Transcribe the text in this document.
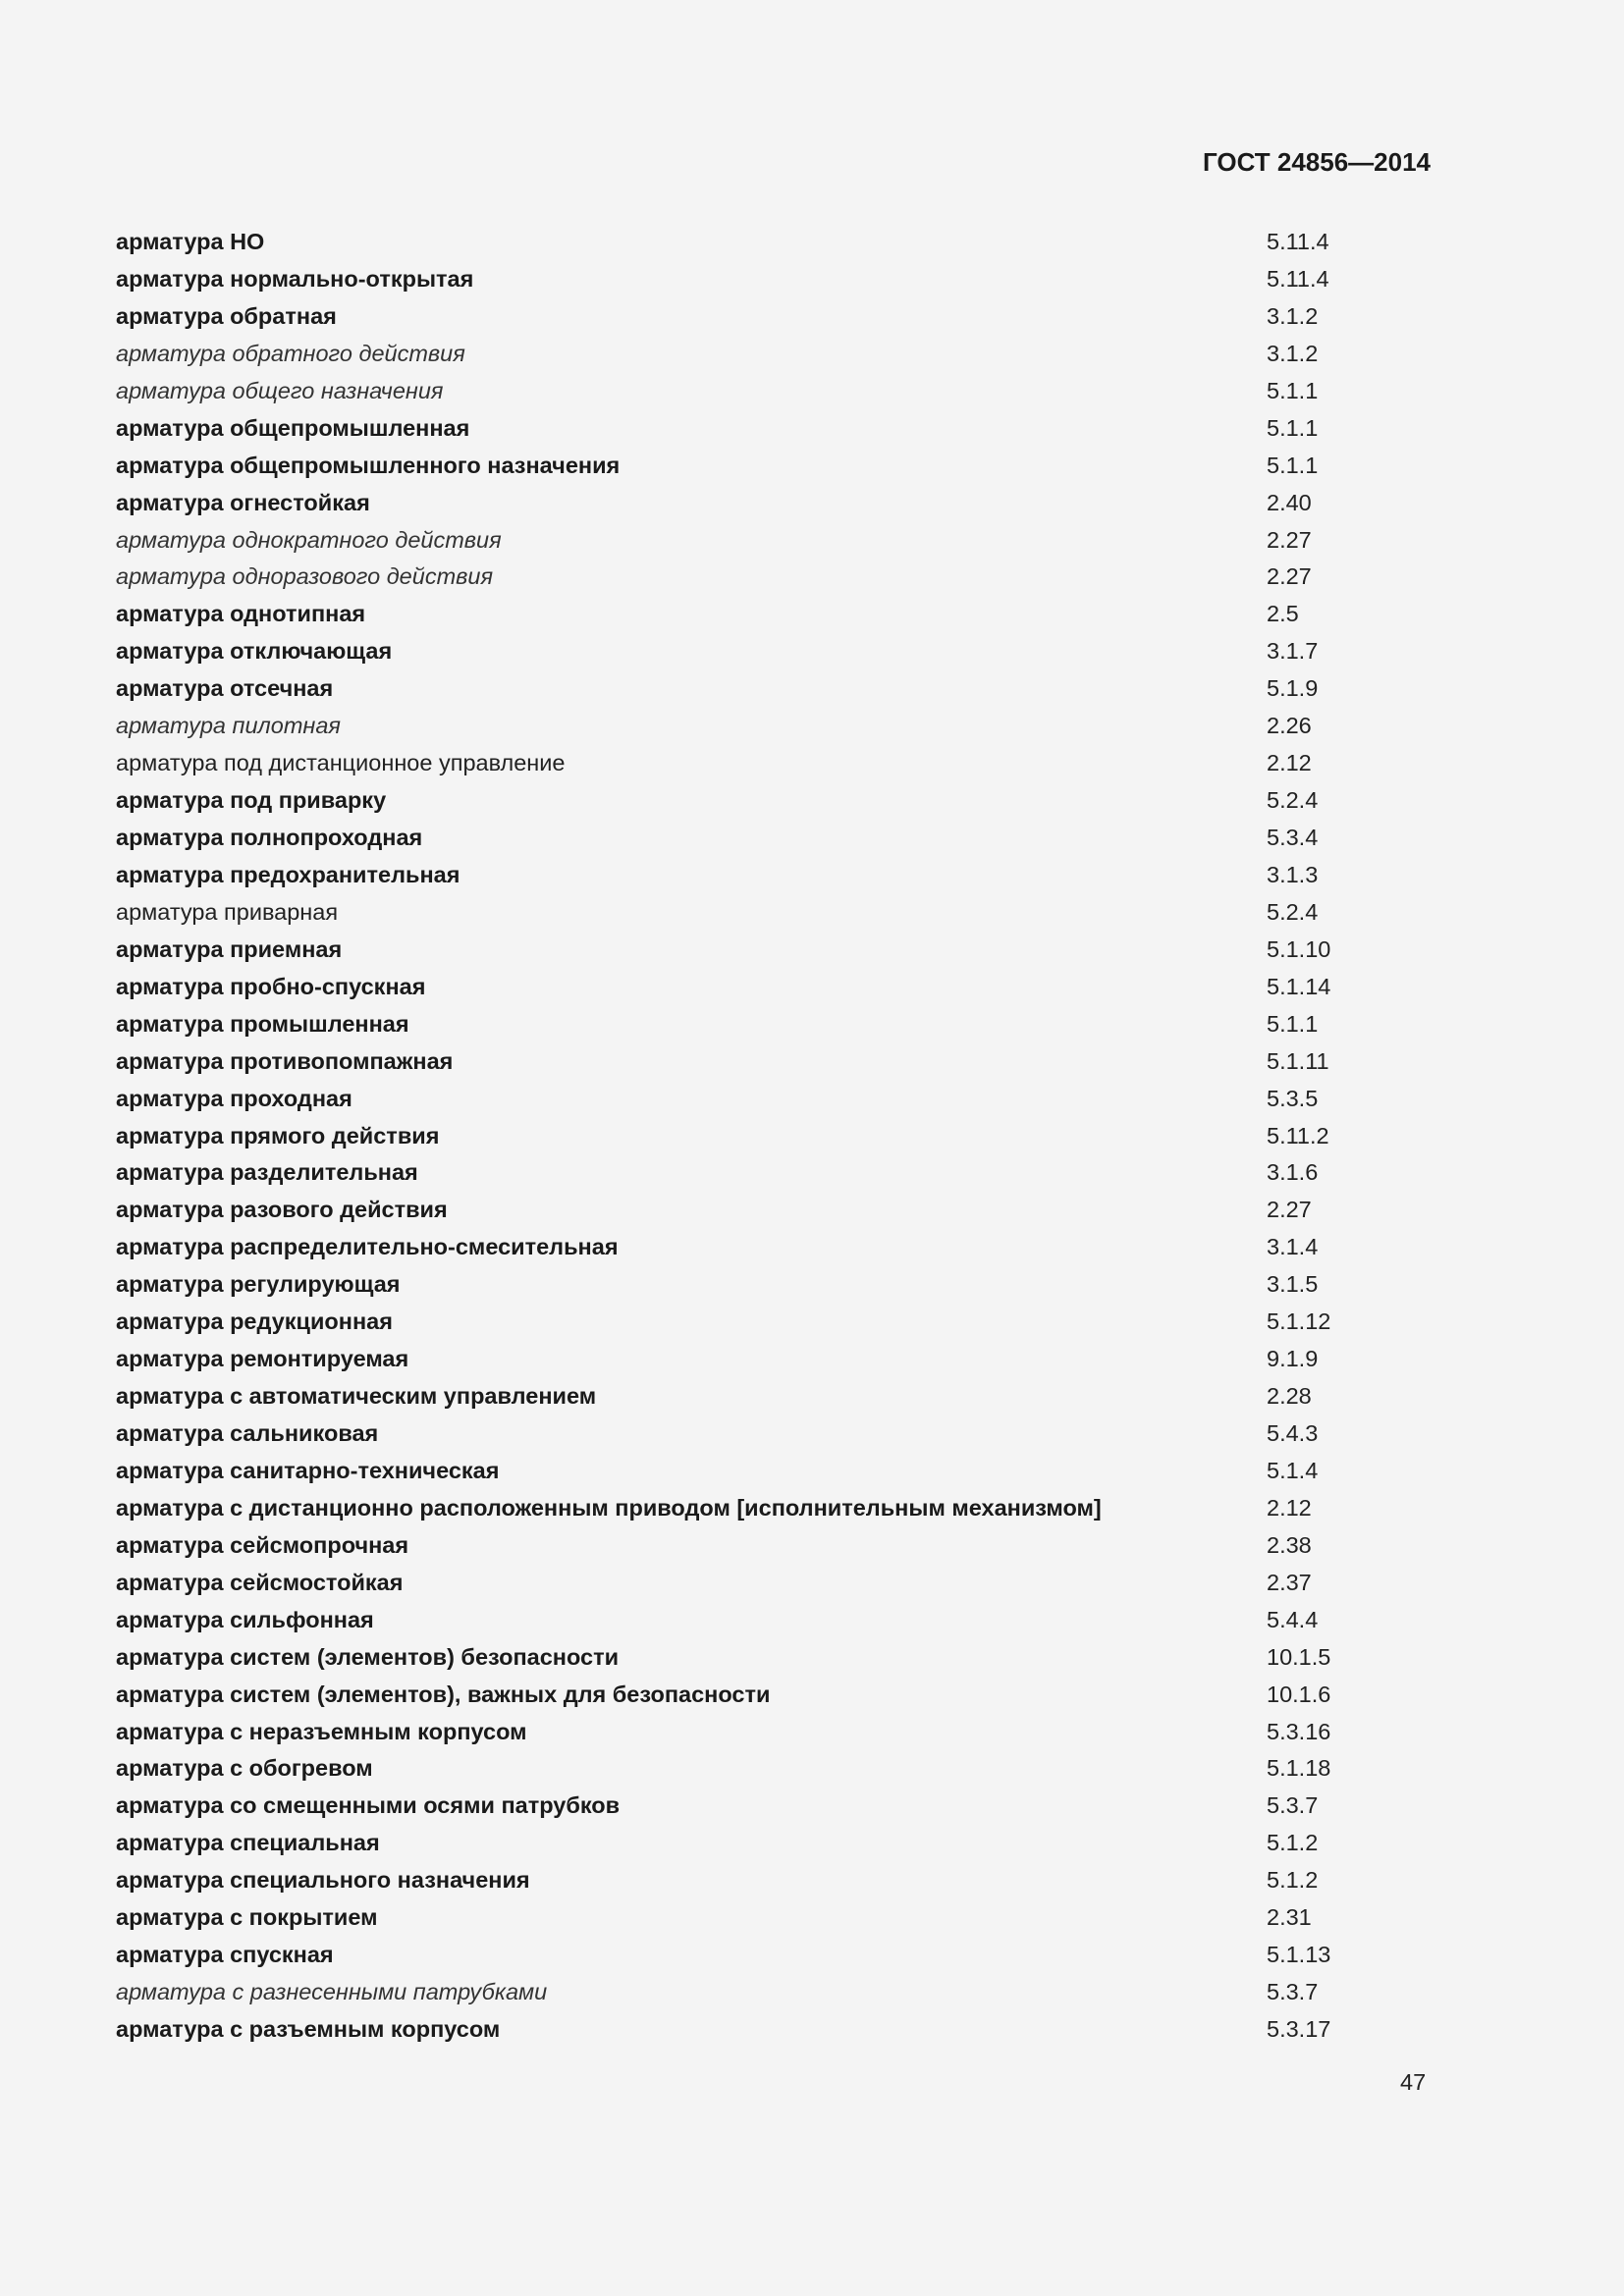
ГОСТ 24856—2014
арматура НО	5.11.4
арматура нормально-открытая	5.11.4
арматура обратная	3.1.2
арматура обратного действия	3.1.2
арматура общего назначения	5.1.1
арматура общепромышленная	5.1.1
арматура общепромышленного назначения	5.1.1
арматура огнестойкая	2.40
арматура однократного действия	2.27
арматура одноразового действия	2.27
арматура однотипная	2.5
арматура отключающая	3.1.7
арматура отсечная	5.1.9
арматура пилотная	2.26
арматура под дистанционное управление	2.12
арматура под приварку	5.2.4
арматура полнопроходная	5.3.4
арматура предохранительная	3.1.3
арматура приварная	5.2.4
арматура приемная	5.1.10
арматура пробно-спускная	5.1.14
арматура промышленная	5.1.1
арматура противопомпажная	5.1.11
арматура проходная	5.3.5
арматура прямого действия	5.11.2
арматура разделительная	3.1.6
арматура разового действия	2.27
арматура распределительно-смесительная	3.1.4
арматура регулирующая	3.1.5
арматура редукционная	5.1.12
арматура ремонтируемая	9.1.9
арматура с автоматическим управлением	2.28
арматура сальниковая	5.4.3
арматура санитарно-техническая	5.1.4
арматура с дистанционно расположенным приводом [исполнительным механизмом]	2.12
арматура сейсмопрочная	2.38
арматура сейсмостойкая	2.37
арматура сильфонная	5.4.4
арматура систем (элементов) безопасности	10.1.5
арматура систем (элементов), важных для безопасности	10.1.6
арматура с неразъемным корпусом	5.3.16
арматура с обогревом	5.1.18
арматура со смещенными осями патрубков	5.3.7
арматура специальная	5.1.2
арматура специального назначения	5.1.2
арматура с покрытием	2.31
арматура спускная	5.1.13
арматура с разнесенными патрубками	5.3.7
арматура с разъемным корпусом	5.3.17
47
